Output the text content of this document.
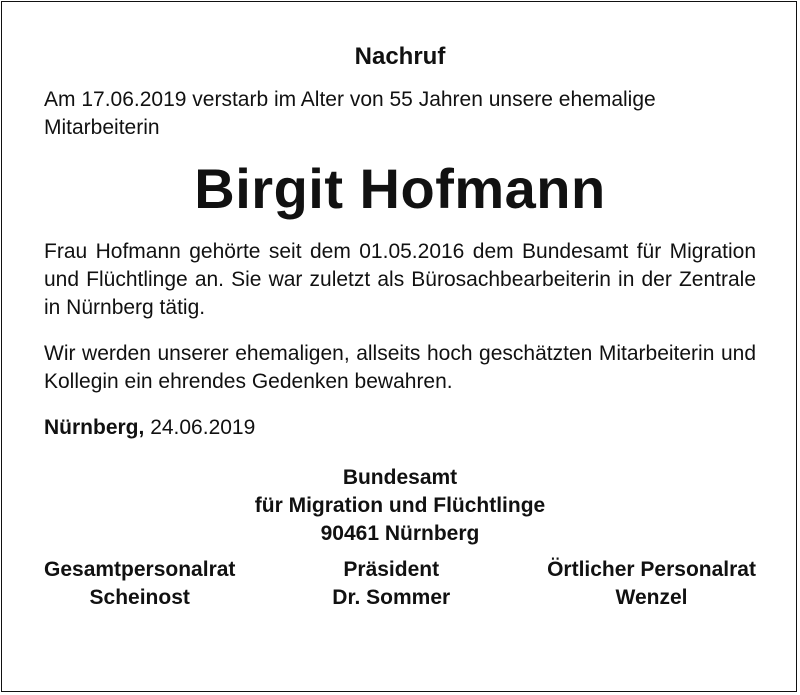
Nachruf

Am 17.06.2019 verstarb im Alter von 55 Jahren unsere ehemalige Mitarbeiterin

Birgit Hofmann

Frau Hofmann gehörte seit dem 01.05.2016 dem Bundesamt für Migration und Flüchtlinge an. Sie war zuletzt als Bürosachbearbeiterin in der Zentrale in Nürnberg tätig.

Wir werden unserer ehemaligen, allseits hoch geschätzten Mitarbeiterin und Kollegin ein ehrendes Gedenken bewahren.

Nürnberg, 24.06.2019

Bundesamt
für Migration und Flüchtlinge
90461 Nürnberg
Gesamtpersonalrat
Scheinost
Präsident
Dr. Sommer
Örtlicher Personalrat
Wenzel
